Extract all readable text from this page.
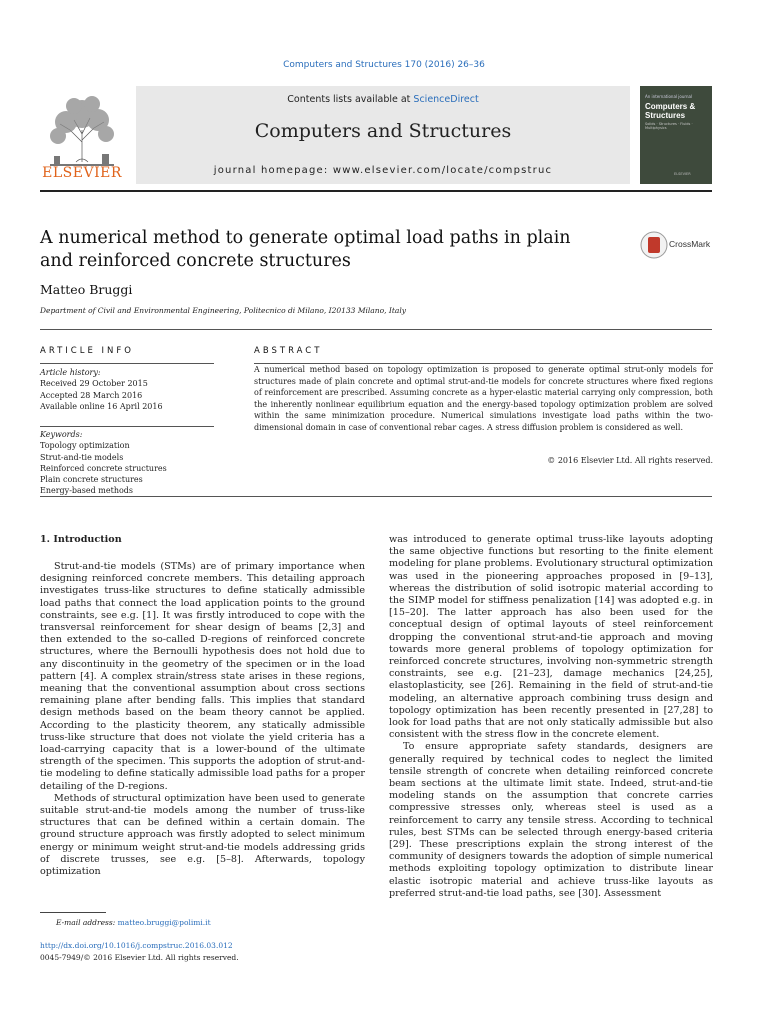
Computers and Structures 170 (2016) 26–36
ELSEVIER
Contents lists available at ScienceDirect
Computers and Structures
journal homepage: www.elsevier.com/locate/compstruc
An international journal
Computers & Structures
Solids · Structures · Fluids · Multiphysics
ELSEVIER
A numerical method to generate optimal load paths in plain and reinforced concrete structures
CrossMark
Matteo Bruggi
Department of Civil and Environmental Engineering, Politecnico di Milano, I20133 Milano, Italy
ARTICLE INFO
Article history:
Received 29 October 2015
Accepted 28 March 2016
Available online 16 April 2016
Keywords:
Topology optimization
Strut-and-tie models
Reinforced concrete structures
Plain concrete structures
Energy-based methods
ABSTRACT
A numerical method based on topology optimization is proposed to generate optimal strut-only models for structures made of plain concrete and optimal strut-and-tie models for concrete structures where fixed regions of reinforcement are prescribed. Assuming concrete as a hyper-elastic material carrying only compression, both the inherently nonlinear equilibrium equation and the energy-based topology optimization problem are solved within the same minimization procedure. Numerical simulations investigate load paths within the two-dimensional domain in case of conventional rebar cages. A stress diffusion problem is considered as well.
© 2016 Elsevier Ltd. All rights reserved.
1. Introduction

Strut-and-tie models (STMs) are of primary importance when designing reinforced concrete members. This detailing approach investigates truss-like structures to define statically admissible load paths that connect the load application points to the ground constraints, see e.g. [1]. It was firstly introduced to cope with the transversal reinforcement for shear design of beams [2,3] and then extended to the so-called D-regions of reinforced concrete structures, where the Bernoulli hypothesis does not hold due to any discontinuity in the geometry of the specimen or in the load pattern [4]. A complex strain/stress state arises in these regions, meaning that the conventional assumption about cross sections remaining plane after bending falls. This implies that standard design methods based on the beam theory cannot be applied. According to the plasticity theorem, any statically admissible truss-like structure that does not violate the yield criteria has a load-carrying capacity that is a lower-bound of the ultimate strength of the specimen. This supports the adoption of strut-and-tie modeling to define statically admissible load paths for a proper detailing of the D-regions.

Methods of structural optimization have been used to generate suitable strut-and-tie models among the number of truss-like structures that can be defined within a certain domain. The ground structure approach was firstly adopted to select minimum energy or minimum weight strut-and-tie models addressing grids of discrete trusses, see e.g. [5–8]. Afterwards, topology optimization

was introduced to generate optimal truss-like layouts adopting the same objective functions but resorting to the finite element modeling for plane problems. Evolutionary structural optimization was used in the pioneering approaches proposed in [9–13], whereas the distribution of solid isotropic material according to the SIMP model for stiffness penalization [14] was adopted e.g. in [15–20]. The latter approach has also been used for the conceptual design of optimal layouts of steel reinforcement dropping the conventional strut-and-tie approach and moving towards more general problems of topology optimization for reinforced concrete structures, involving non-symmetric strength constraints, see e.g. [21–23], damage mechanics [24,25], elastoplasticity, see [26]. Remaining in the field of strut-and-tie modeling, an alternative approach combining truss design and topology optimization has been recently presented in [27,28] to look for load paths that are not only statically admissible but also consistent with the stress flow in the concrete element.

To ensure appropriate safety standards, designers are generally required by technical codes to neglect the limited tensile strength of concrete when detailing reinforced concrete beam sections at the ultimate limit state. Indeed, strut-and-tie modeling stands on the assumption that concrete carries compressive stresses only, whereas steel is used as a reinforcement to carry any tensile stress. According to technical rules, best STMs can be selected through energy-based criteria [29]. These prescriptions explain the strong interest of the community of designers towards the adoption of simple numerical methods exploiting topology optimization to distribute linear elastic isotropic material and achieve truss-like layouts as preferred strut-and-tie load paths, see [30]. Assessment

E-mail address: matteo.bruggi@polimi.it
http://dx.doi.org/10.1016/j.compstruc.2016.03.012
0045-7949/© 2016 Elsevier Ltd. All rights reserved.
